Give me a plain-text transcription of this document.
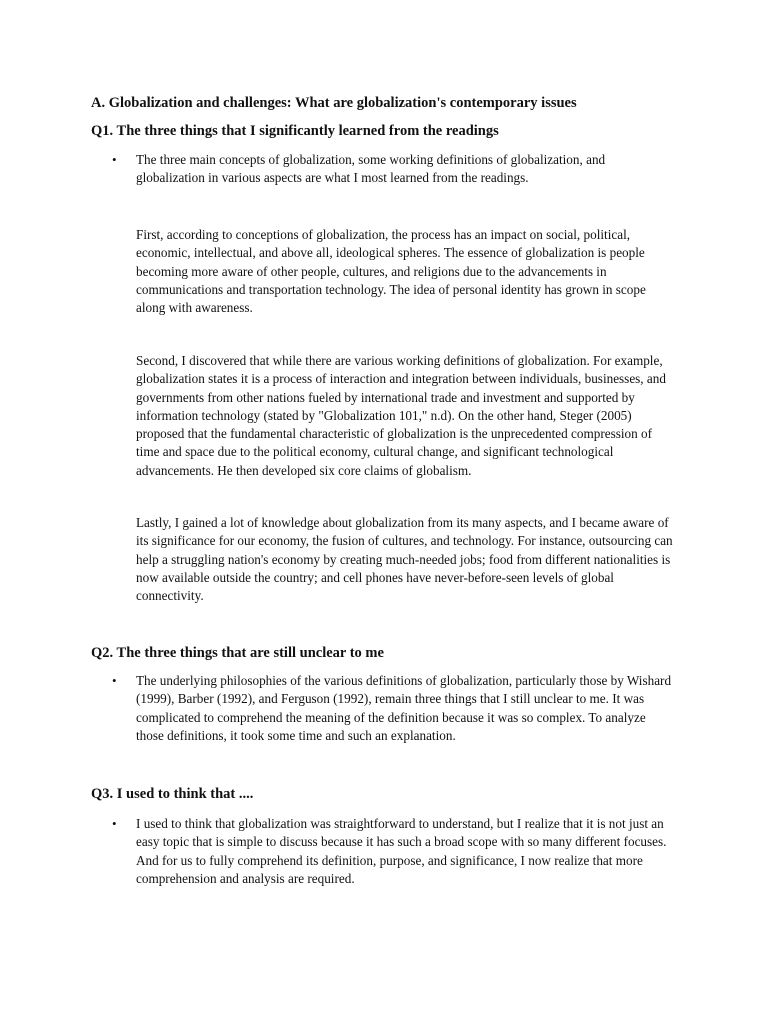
A. Globalization and challenges: What are globalization's contemporary issues
Q1. The three things that I significantly learned from the readings
• The three main concepts of globalization, some working definitions of globalization, and globalization in various aspects are what I most learned from the readings.

First, according to conceptions of globalization, the process has an impact on social, political, economic, intellectual, and above all, ideological spheres. The essence of globalization is people becoming more aware of other people, cultures, and religions due to the advancements in communications and transportation technology. The idea of personal identity has grown in scope along with awareness.

Second, I discovered that while there are various working definitions of globalization. For example, globalization states it is a process of interaction and integration between individuals, businesses, and governments from other nations fueled by international trade and investment and supported by information technology (stated by "Globalization 101," n.d). On the other hand, Steger (2005) proposed that the fundamental characteristic of globalization is the unprecedented compression of time and space due to the political economy, cultural change, and significant technological advancements. He then developed six core claims of globalism.

Lastly, I gained a lot of knowledge about globalization from its many aspects, and I became aware of its significance for our economy, the fusion of cultures, and technology. For instance, outsourcing can help a struggling nation's economy by creating much-needed jobs; food from different nationalities is now available outside the country; and cell phones have never-before-seen levels of global connectivity.

Q2. The three things that are still unclear to me
• The underlying philosophies of the various definitions of globalization, particularly those by Wishard (1999), Barber (1992), and Ferguson (1992), remain three things that I still unclear to me. It was complicated to comprehend the meaning of the definition because it was so complex. To analyze those definitions, it took some time and such an explanation.

Q3. I used to think that ....
• I used to think that globalization was straightforward to understand, but I realize that it is not just an easy topic that is simple to discuss because it has such a broad scope with so many different focuses. And for us to fully comprehend its definition, purpose, and significance, I now realize that more comprehension and analysis are required.
